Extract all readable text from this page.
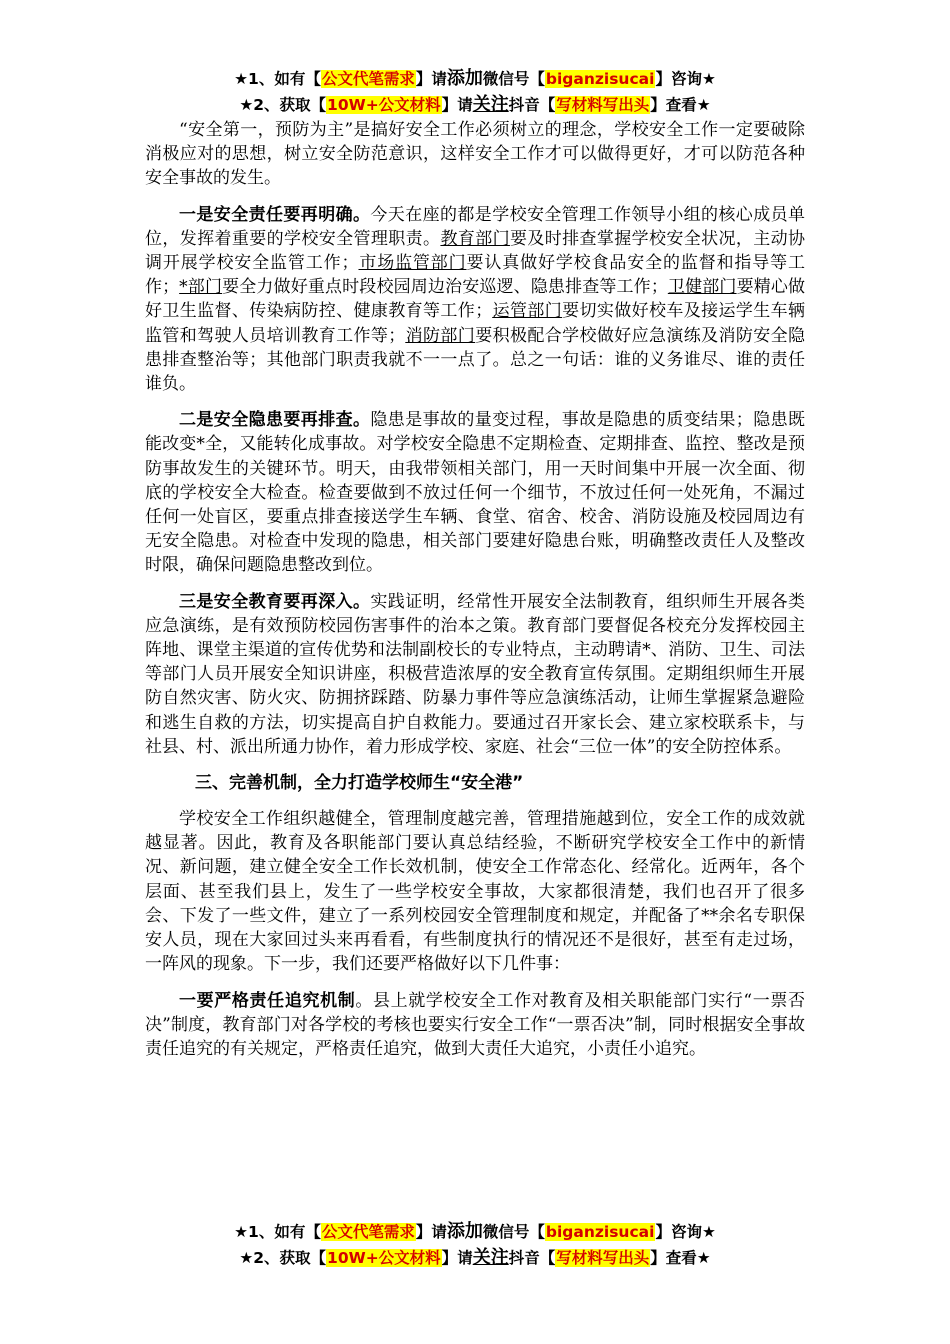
★1、如有【公文代笔需求】请添加微信号【biganzisucai】咨询★
★2、获取【10W+公文材料】请关注抖音【写材料写出头】查看★

“安全第一，预防为主”是搞好安全工作必须树立的理念，学校安全工作一定要破除消极应对的思想，树立安全防范意识，这样安全工作才可以做得更好，才可以防范各种安全事故的发生。

一是安全责任要再明确。今天在座的都是学校安全管理工作领导小组的核心成员单位，发挥着重要的学校安全管理职责。教育部门要及时排查掌握学校安全状况，主动协调开展学校安全监管工作；市场监管部门要认真做好学校食品安全的监督和指导等工作；*部门要全力做好重点时段校园周边治安巡逻、隐患排查等工作；卫健部门要精心做好卫生监督、传染病防控、健康教育等工作；运管部门要切实做好校车及接运学生车辆监管和驾驶人员培训教育工作等；消防部门要积极配合学校做好应急演练及消防安全隐患排查整治等；其他部门职责我就不一一点了。总之一句话：谁的义务谁尽、谁的责任谁负。

二是安全隐患要再排查。隐患是事故的量变过程，事故是隐患的质变结果；隐患既能改变*全，又能转化成事故。对学校安全隐患不定期检查、定期排查、监控、整改是预防事故发生的关键环节。明天，由我带领相关部门，用一天时间集中开展一次全面、彻底的学校安全大检查。检查要做到不放过任何一个细节，不放过任何一处死角，不漏过任何一处盲区，要重点排查接送学生车辆、食堂、宿舍、校舍、消防设施及校园周边有无安全隐患。对检查中发现的隐患，相关部门要建好隐患台账，明确整改责任人及整改时限，确保问题隐患整改到位。

三是安全教育要再深入。实践证明，经常性开展安全法制教育，组织师生开展各类应急演练，是有效预防校园伤害事件的治本之策。教育部门要督促各校充分发挥校园主阵地、课堂主渠道的宣传优势和法制副校长的专业特点，主动聘请*、消防、卫生、司法等部门人员开展安全知识讲座，积极营造浓厚的安全教育宣传氛围。定期组织师生开展防自然灾害、防火灾、防拥挤踩踏、防暴力事件等应急演练活动，让师生掌握紧急避险和逃生自救的方法，切实提高自护自救能力。要通过召开家长会、建立家校联系卡，与社县、村、派出所通力协作，着力形成学校、家庭、社会“三位一体”的安全防控体系。

三、完善机制，全力打造学校师生“安全港”

学校安全工作组织越健全，管理制度越完善，管理措施越到位，安全工作的成效就越显著。因此，教育及各职能部门要认真总结经验，不断研究学校安全工作中的新情况、新问题，建立健全安全工作长效机制，使安全工作常态化、经常化。近两年，各个层面、甚至我们县上，发生了一些学校安全事故，大家都很清楚，我们也召开了很多会、下发了一些文件，建立了一系列校园安全管理制度和规定，并配备了**余名专职保安人员，现在大家回过头来再看看，有些制度执行的情况还不是很好，甚至有走过场，一阵风的现象。下一步，我们还要严格做好以下几件事：

一要严格责任追究机制。县上就学校安全工作对教育及相关职能部门实行“一票否决”制度，教育部门对各学校的考核也要实行安全工作“一票否决”制，同时根据安全事故责任追究的有关规定，严格责任追究，做到大责任大追究，小责任小追究。

★1、如有【公文代笔需求】请添加微信号【biganzisucai】咨询★
★2、获取【10W+公文材料】请关注抖音【写材料写出头】查看★
